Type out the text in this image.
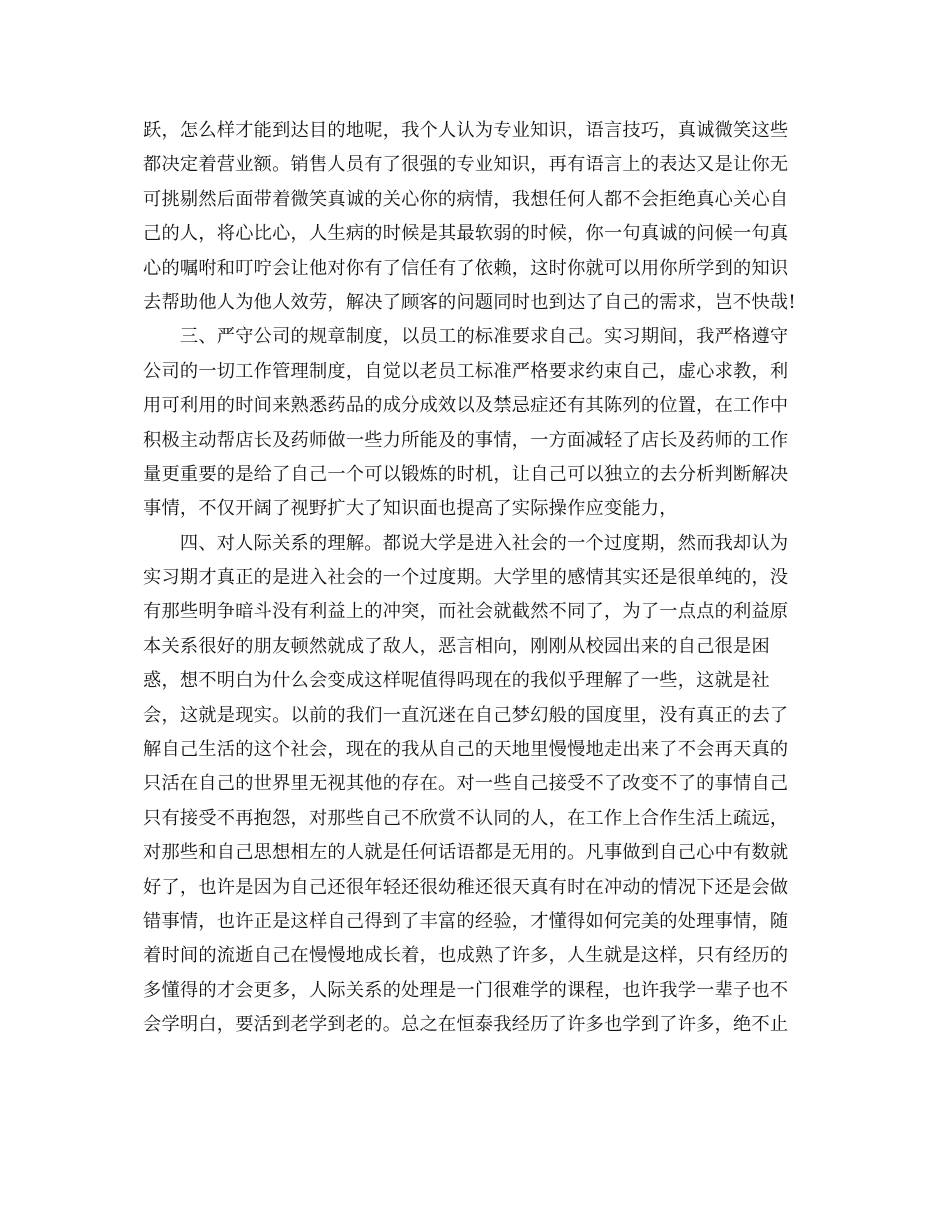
跃，怎么样才能到达目的地呢，我个人认为专业知识，语言技巧，真诚微笑这些
都决定着营业额。销售人员有了很强的专业知识，再有语言上的表达又是让你无
可挑剔然后面带着微笑真诚的关心你的病情，我想任何人都不会拒绝真心关心自
己的人，将心比心，人生病的时候是其最软弱的时候，你一句真诚的问候一句真
心的嘱咐和叮咛会让他对你有了信任有了依赖，这时你就可以用你所学到的知识
去帮助他人为他人效劳，解决了顾客的问题同时也到达了自己的需求，岂不快哉!
　　三、严守公司的规章制度，以员工的标准要求自己。实习期间，我严格遵守
公司的一切工作管理制度，自觉以老员工标准严格要求约束自己，虚心求教，利
用可利用的时间来熟悉药品的成分成效以及禁忌症还有其陈列的位置，在工作中
积极主动帮店长及药师做一些力所能及的事情，一方面减轻了店长及药师的工作
量更重要的是给了自己一个可以锻炼的时机，让自己可以独立的去分析判断解决
事情，不仅开阔了视野扩大了知识面也提高了实际操作应变能力，
　　四、对人际关系的理解。都说大学是进入社会的一个过度期，然而我却认为
实习期才真正的是进入社会的一个过度期。大学里的感情其实还是很单纯的，没
有那些明争暗斗没有利益上的冲突，而社会就截然不同了，为了一点点的利益原
本关系很好的朋友顿然就成了敌人，恶言相向，刚刚从校园出来的自己很是困
惑，想不明白为什么会变成这样呢值得吗现在的我似乎理解了一些，这就是社
会，这就是现实。以前的我们一直沉迷在自己梦幻般的国度里，没有真正的去了
解自己生活的这个社会，现在的我从自己的天地里慢慢地走出来了不会再天真的
只活在自己的世界里无视其他的存在。对一些自己接受不了改变不了的事情自己
只有接受不再抱怨，对那些自己不欣赏不认同的人，在工作上合作生活上疏远，
对那些和自己思想相左的人就是任何话语都是无用的。凡事做到自己心中有数就
好了，也许是因为自己还很年轻还很幼稚还很天真有时在冲动的情况下还是会做
错事情，也许正是这样自己得到了丰富的经验，才懂得如何完美的处理事情，随
着时间的流逝自己在慢慢地成长着，也成熟了许多，人生就是这样，只有经历的
多懂得的才会更多，人际关系的处理是一门很难学的课程，也许我学一辈子也不
会学明白，要活到老学到老的。总之在恒泰我经历了许多也学到了许多，绝不止
